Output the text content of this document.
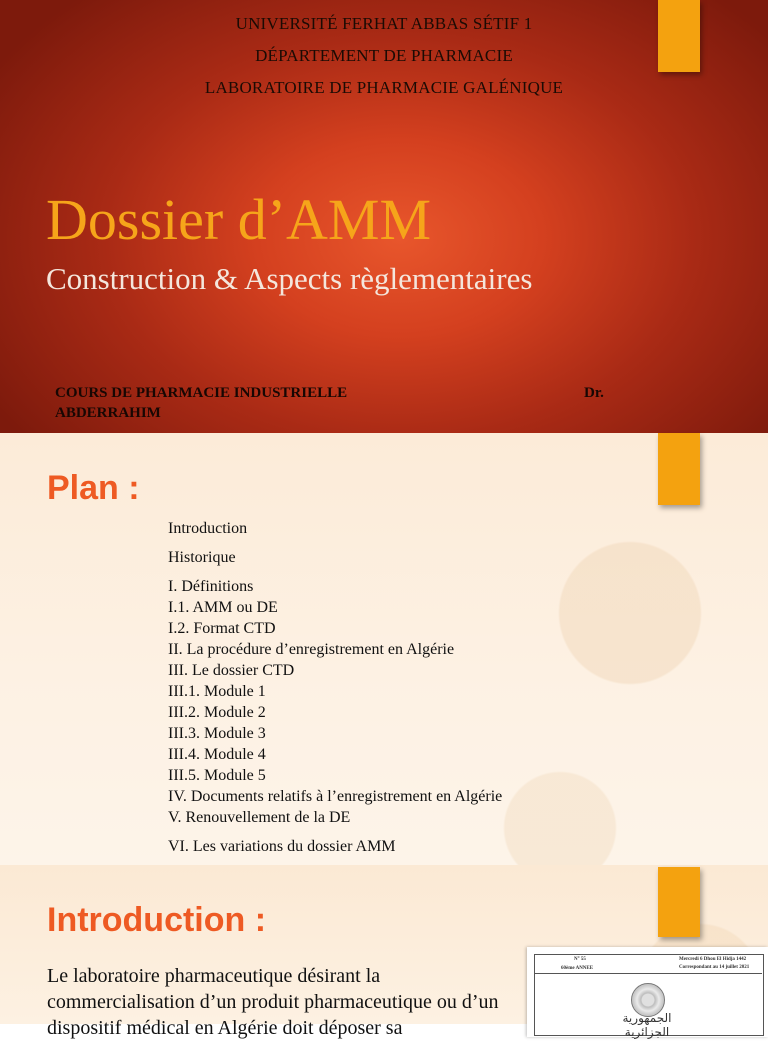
UNIVERSITÉ FERHAT ABBAS SÉTIF 1
DÉPARTEMENT DE PHARMACIE
LABORATOIRE DE PHARMACIE GALÉNIQUE
Dossier d’AMM
Construction & Aspects règlementaires
COURS DE PHARMACIE INDUSTRIELLE	Dr.
ABDERRAHIM
Plan :
Introduction
Historique
I. Définitions
I.1. AMM ou DE
I.2. Format CTD
II. La procédure d’enregistrement en Algérie
III. Le dossier CTD
III.1. Module 1
III.2. Module 2
III.3. Module 3
III.4. Module 4
III.5. Module 5
IV. Documents relatifs à l’enregistrement en Algérie
V. Renouvellement de la DE
VI. Les variations du dossier AMM
Introduction :

Le laboratoire pharmaceutique désirant la commercialisation d’un produit pharmaceutique ou d’un dispositif médical en Algérie doit déposer sa

N° 55
60ème ANNEE
Mercredi 6 Dhou El Hidja 1442
Correspondant au 14 juillet 2021
الجمهورية الجزائرية
